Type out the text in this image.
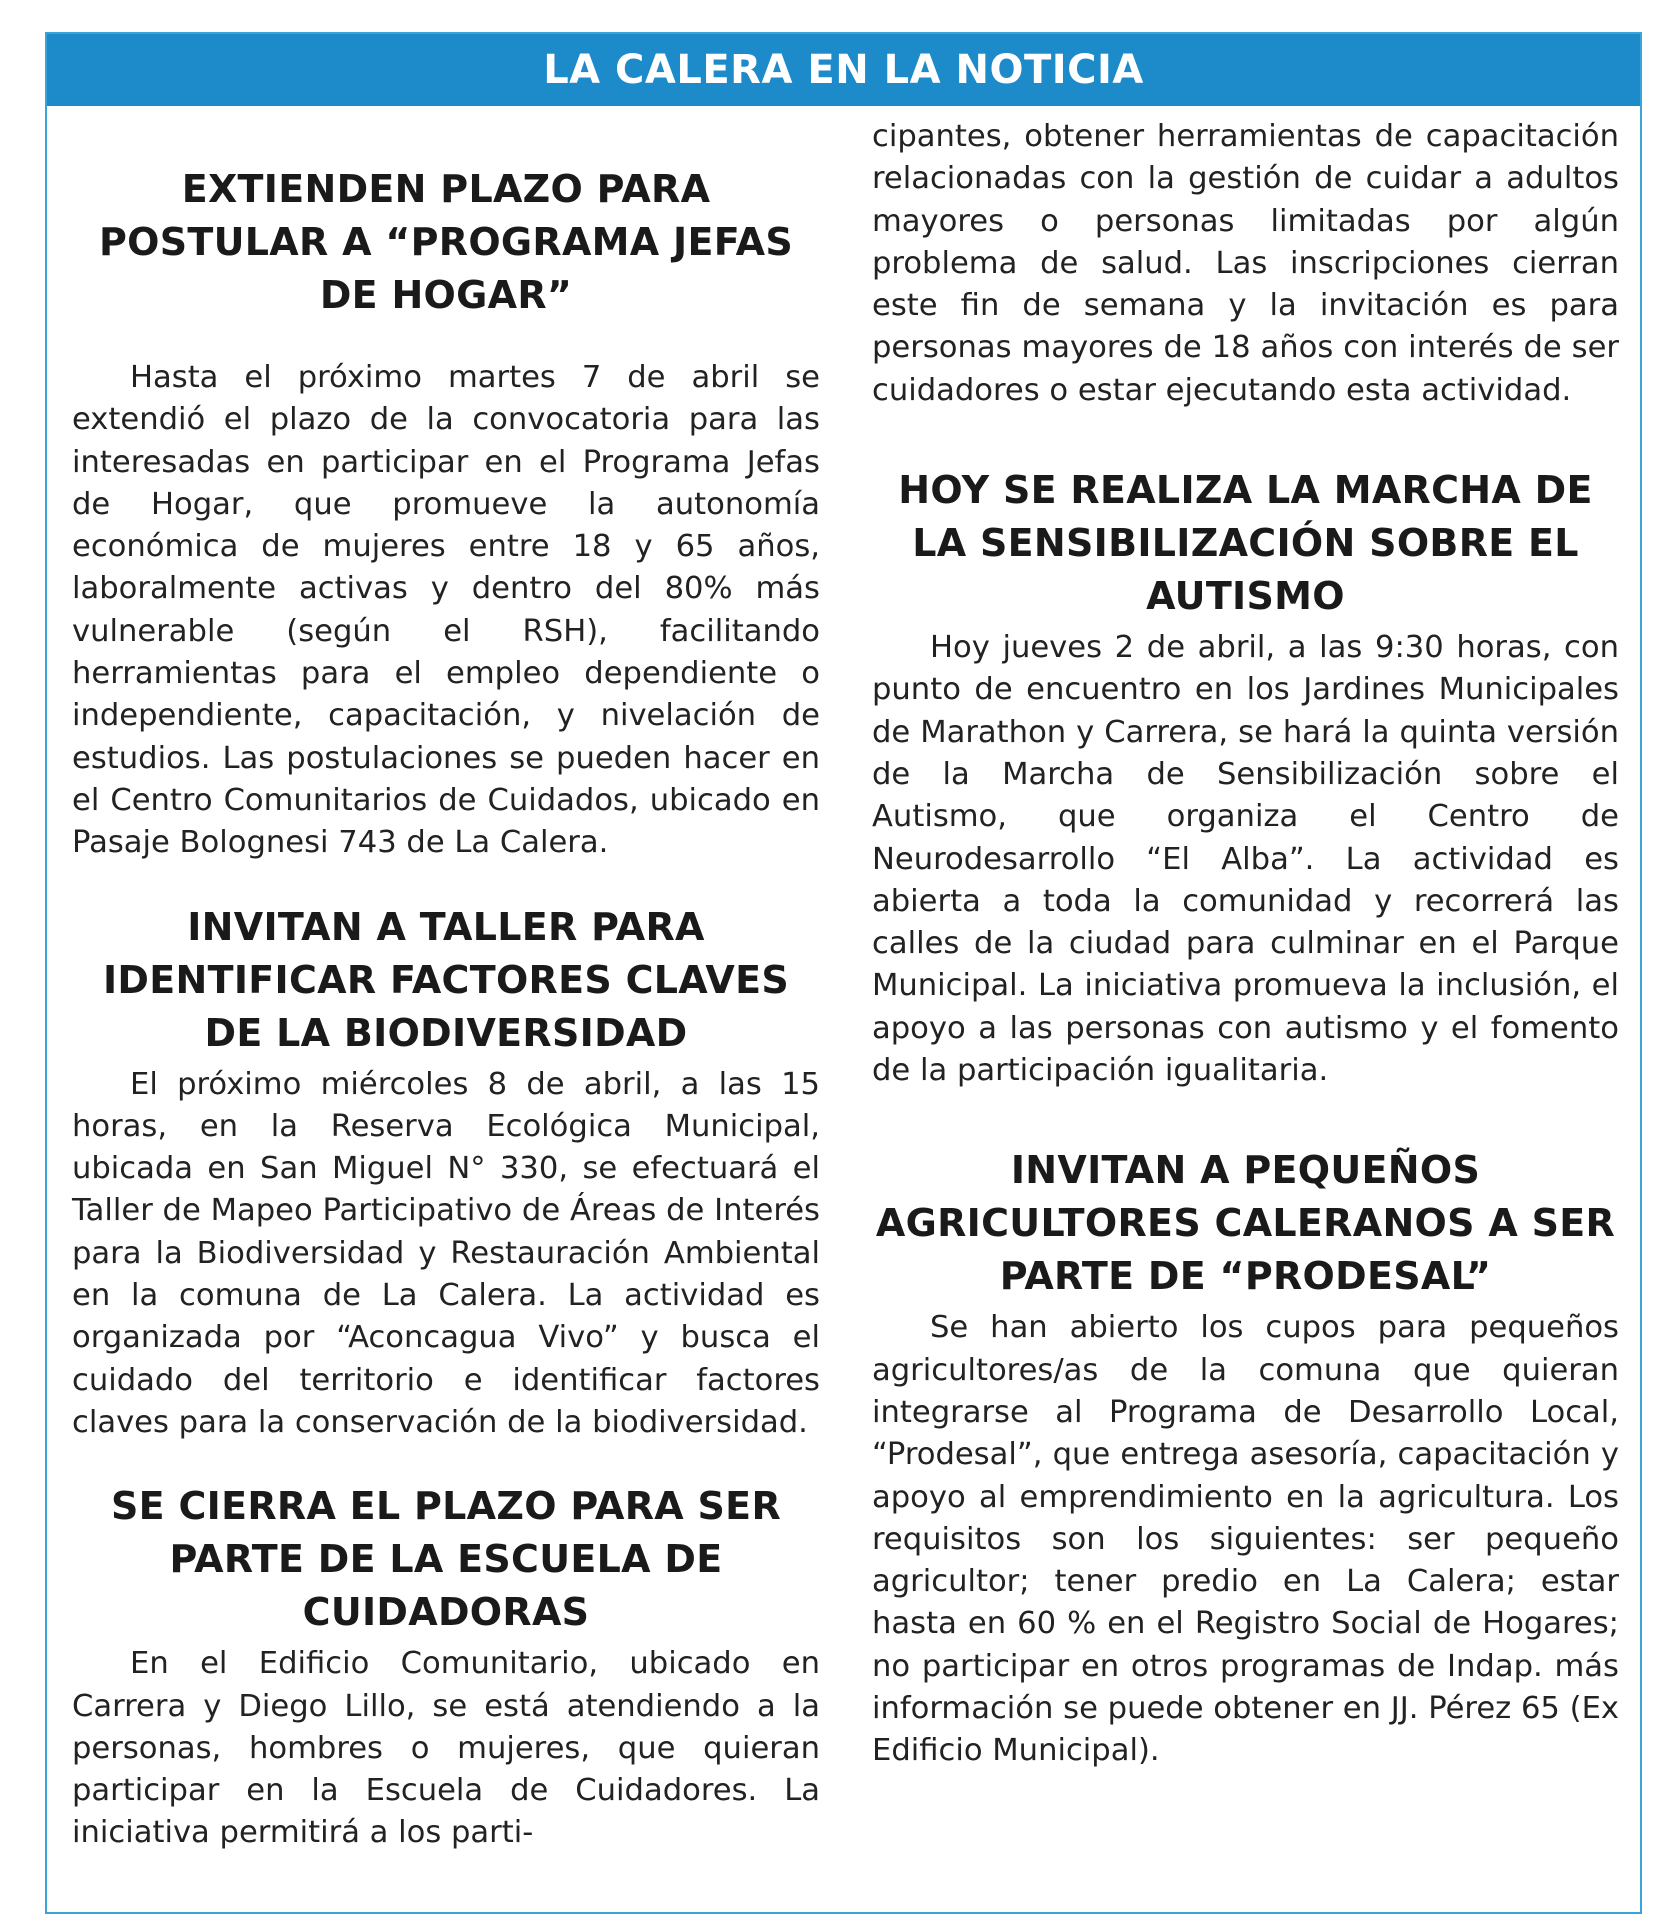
LA CALERA EN LA NOTICIA
EXTIENDEN PLAZO PARA POSTULAR A “PROGRAMA JEFAS DE HOGAR”

Hasta el próximo martes 7 de abril se extendió el plazo de la convocatoria para las interesadas en participar en el Programa Jefas de Hogar, que promueve la autonomía económica de mujeres entre 18 y 65 años, laboralmente activas y dentro del 80% más vulnerable (según el RSH), facilitando herramientas para el empleo dependiente o independiente, capacitación, y nivelación de estudios. Las postulaciones se pueden hacer en el Centro Comunitarios de Cuidados, ubicado en Pasaje Bolognesi 743 de La Calera.

INVITAN A TALLER PARA IDENTIFICAR FACTORES CLAVES DE LA BIODIVERSIDAD

El próximo miércoles 8 de abril, a las 15 horas, en la Reserva Ecológica Municipal, ubicada en San Miguel N° 330, se efectuará el Taller de Mapeo Participativo de Áreas de Interés para la Biodiversidad y Restauración Ambiental en la comuna de La Calera. La actividad es organizada por “Aconcagua Vivo” y busca el cuidado del territorio e identificar factores claves para la conservación de la biodiversidad.

SE CIERRA EL PLAZO PARA SER PARTE DE LA ESCUELA DE CUIDADORAS

En el Edificio Comunitario, ubicado en Carrera y Diego Lillo, se está atendiendo a la personas, hombres o mujeres, que quieran participar en la Escuela de Cuidadores. La iniciativa permitirá a los parti-

cipantes, obtener herramientas de capacitación relacionadas con la gestión de cuidar a adultos mayores o personas limitadas por algún problema de salud. Las inscripciones cierran este fin de semana y la invitación es para personas mayores de 18 años con interés de ser cuidadores o estar ejecutando esta actividad.

HOY SE REALIZA LA MARCHA DE LA SENSIBILIZACIÓN SOBRE EL AUTISMO

Hoy jueves 2 de abril, a las 9:30 horas, con punto de encuentro en los Jardines Municipales de Marathon y Carrera, se hará la quinta versión de la Marcha de Sensibilización sobre el Autismo, que organiza el Centro de Neurodesarrollo “El Alba”. La actividad es abierta a toda la comunidad y recorrerá las calles de la ciudad para culminar en el Parque Municipal. La iniciativa promueva la inclusión, el apoyo a las personas con autismo y el fomento de la participación igualitaria.

INVITAN A PEQUEÑOS AGRICULTORES CALERANOS A SER PARTE DE “PRODESAL”

Se han abierto los cupos para pequeños agricultores/as de la comuna que quieran integrarse al Programa de Desarrollo Local, “Prodesal”, que entrega asesoría, capacitación y apoyo al emprendimiento en la agricultura. Los requisitos son los siguientes: ser pequeño agricultor; tener predio en La Calera; estar hasta en 60 % en el Registro Social de Hogares; no participar en otros programas de Indap. más información se puede obtener en JJ. Pérez 65 (Ex Edificio Municipal).
